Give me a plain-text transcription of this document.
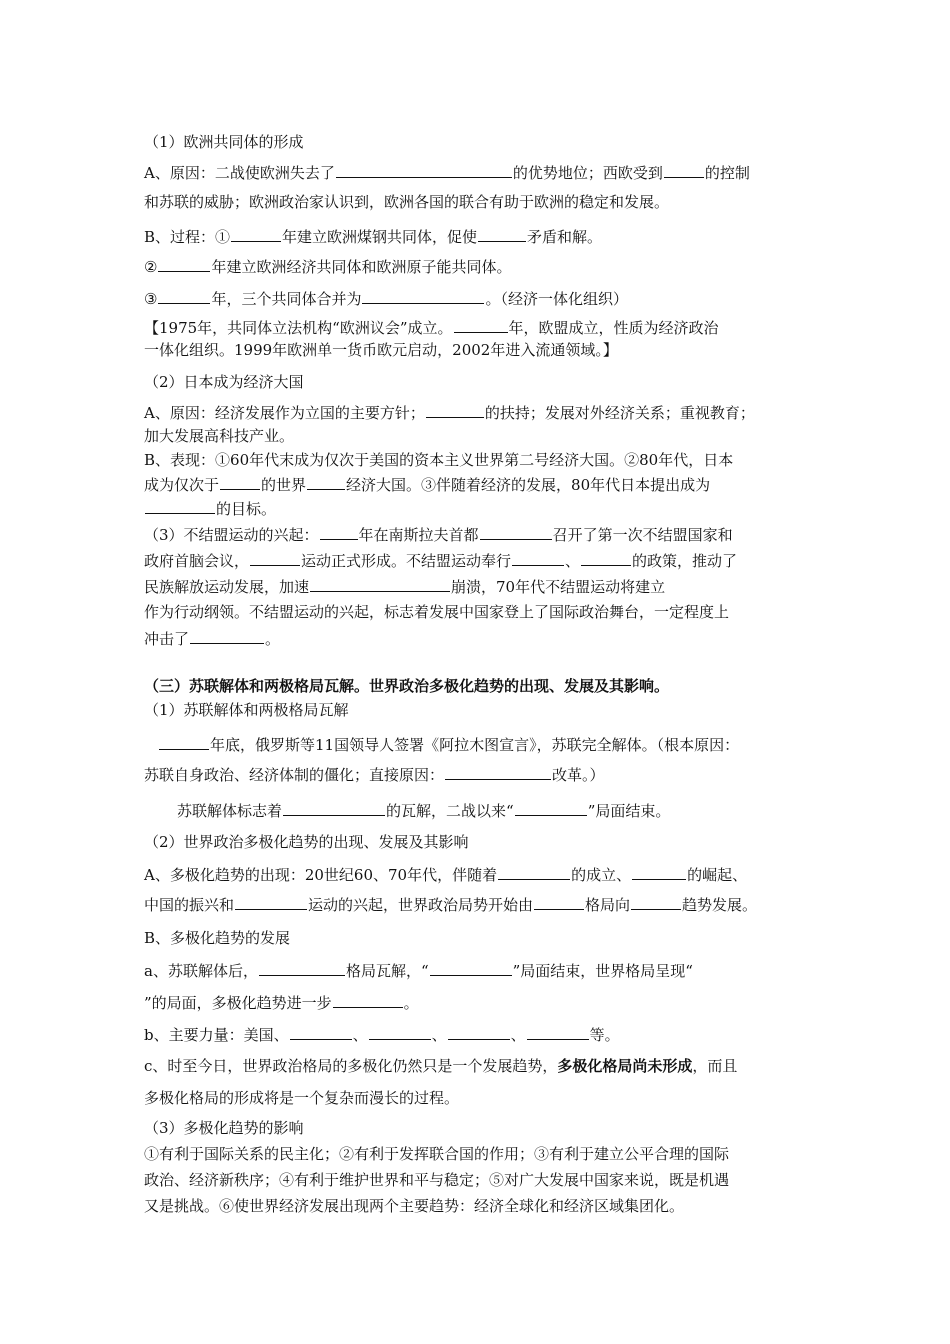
（1）欧洲共同体的形成
A、原因：二战使欧洲失去了	的优势地位；西欧受到	的控制
和苏联的威胁；欧洲政治家认识到，欧洲各国的联合有助于欧洲的稳定和发展。
B、过程：①	年建立欧洲煤钢共同体，促使	矛盾和解。
②	年建立欧洲经济共同体和欧洲原子能共同体。
③	年，三个共同体合并为	。（经济一体化组织）
【1975年，共同体立法机构“欧洲议会”成立。	年，欧盟成立，性质为经济政治
一体化组织。1999年欧洲单一货币欧元启动，2002年进入流通领域。】
（2）日本成为经济大国
A、原因：经济发展作为立国的主要方针；	的扶持；发展对外经济关系；重视教育；
加大发展高科技产业。
B、表现：①60年代末成为仅次于美国的资本主义世界第二号经济大国。②80年代，日本
成为仅次于	的世界	经济大国。③伴随着经济的发展，80年代日本提出成为
的目标。
（3）不结盟运动的兴起：	年在南斯拉夫首都	召开了第一次不结盟国家和
政府首脑会议，	运动正式形成。不结盟运动奉行	、	的政策，推动了
民族解放运动发展，加速	崩溃，70年代不结盟运动将建立
作为行动纲领。不结盟运动的兴起，标志着发展中国家登上了国际政治舞台，一定程度上
冲击了	。
（三）苏联解体和两极格局瓦解。世界政治多极化趋势的出现、发展及其影响。
（1）苏联解体和两极格局瓦解
年底，俄罗斯等11国领导人签署《阿拉木图宣言》，苏联完全解体。（根本原因：
苏联自身政治、经济体制的僵化；直接原因：	改革。）
苏联解体标志着	的瓦解，二战以来“	”局面结束。
（2）世界政治多极化趋势的出现、发展及其影响
A、多极化趋势的出现：20世纪60、70年代，伴随着	的成立、	的崛起、
中国的振兴和	运动的兴起，世界政治局势开始由	格局向	趋势发展。
B、多极化趋势的发展
a、苏联解体后，	格局瓦解，“	”局面结束，世界格局呈现“
”的局面，多极化趋势进一步	。
b、主要力量：美国、	、	、	、	等。
c、时至今日，世界政治格局的多极化仍然只是一个发展趋势，多极化格局尚未形成，而且
多极化格局的形成将是一个复杂而漫长的过程。
（3）多极化趋势的影响
①有利于国际关系的民主化；②有利于发挥联合国的作用；③有利于建立公平合理的国际
政治、经济新秩序；④有利于维护世界和平与稳定；⑤对广大发展中国家来说，既是机遇
又是挑战。⑥使世界经济发展出现两个主要趋势：经济全球化和经济区域集团化。
